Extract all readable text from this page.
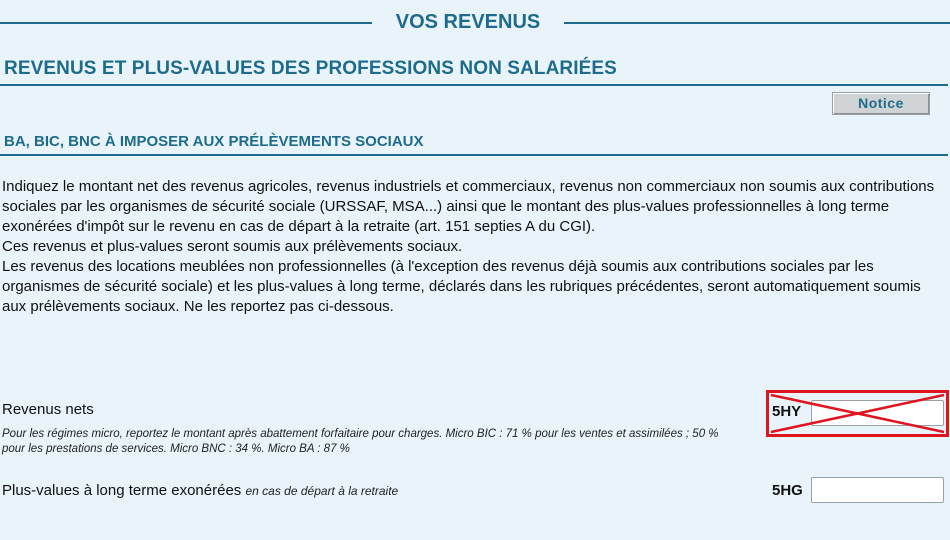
VOS REVENUS
REVENUS ET PLUS-VALUES DES PROFESSIONS NON SALARIÉES
Notice
BA, BIC, BNC À IMPOSER AUX PRÉLÈVEMENTS SOCIAUX

Indiquez le montant net des revenus agricoles, revenus industriels et commerciaux, revenus non commerciaux non soumis aux contributions sociales par les organismes de sécurité sociale (URSSAF, MSA...) ainsi que le montant des plus-values professionnelles à long terme exonérées d'impôt sur le revenu en cas de départ à la retraite (art. 151 septies A du CGI).

Ces revenus et plus-values seront soumis aux prélèvements sociaux.

Les revenus des locations meublées non professionnelles (à l'exception des revenus déjà soumis aux contributions sociales par les organismes de sécurité sociale) et les plus-values à long terme, déclarés dans les rubriques précédentes, seront automatiquement soumis aux prélèvements sociaux. Ne les reportez pas ci-dessous.

Revenus nets
Pour les régimes micro, reportez le montant après abattement forfaitaire pour charges. Micro BIC : 71 % pour les ventes et assimilées ; 50 % pour les prestations de services. Micro BNC : 34 %. Micro BA : 87 %
5HY
Plus-values à long terme exonérées en cas de départ à la retraite	5HG
